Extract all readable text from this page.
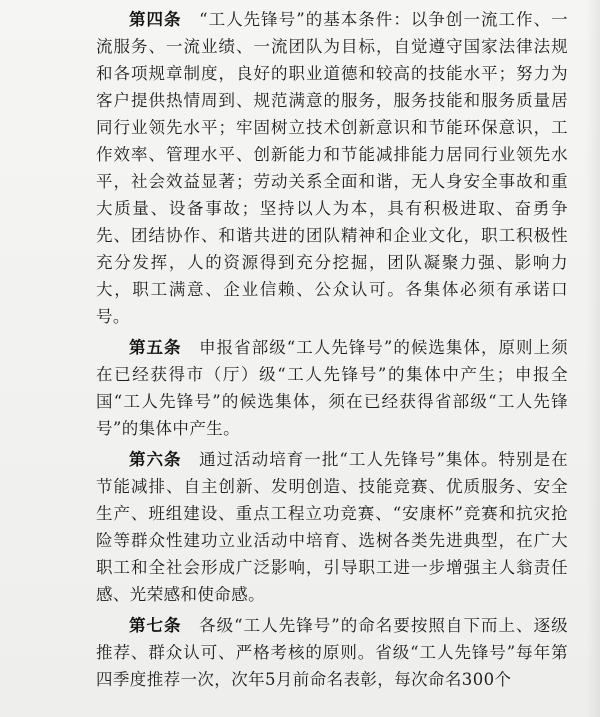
第四条　 “工人先锋号”的基本条件：以争创一流工作、一流服务、一流业绩、一流团队为目标，自觉遵守国家法律法规和各项规章制度，良好的职业道德和较高的技能水平；努力为客户提供热情周到、规范满意的服务，服务技能和服务质量居同行业领先水平；牢固树立技术创新意识和节能环保意识，工作效率、管理水平、创新能力和节能减排能力居同行业领先水平，社会效益显著；劳动关系全面和谐，无人身安全事故和重大质量、设备事故；坚持以人为本，具有积极进取、奋勇争先、团结协作、和谐共进的团队精神和企业文化，职工积极性充分发挥，人的资源得到充分挖掘，团队凝聚力强、影响力大，职工满意、企业信赖、公众认可。各集体必须有承诺口号。

第五条　 申报省部级“工人先锋号”的候选集体，原则上须在已经获得市（厅）级“工人先锋号”的集体中产生；申报全国“工人先锋号”的候选集体，须在已经获得省部级“工人先锋号”的集体中产生。

第六条　 通过活动培育一批“工人先锋号”集体。特别是在节能减排、自主创新、发明创造、技能竞赛、优质服务、安全生产、班组建设、重点工程立功竞赛、“安康杯”竞赛和抗灾抢险等群众性建功立业活动中培育、选树各类先进典型，在广大职工和全社会形成广泛影响，引导职工进一步增强主人翁责任感、光荣感和使命感。

第七条　 各级“工人先锋号”的命名要按照自下而上、逐级推荐、群众认可、严格考核的原则。省级“工人先锋号”每年第四季度推荐一次，次年5月前命名表彰，每次命名300个
